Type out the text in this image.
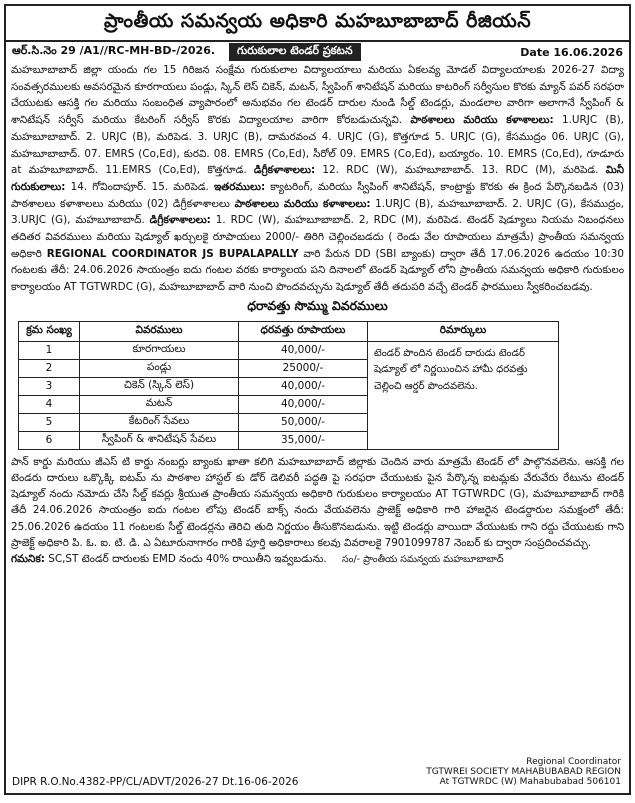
ప్రాంతీయ సమన్వయ అధికారి మహబూబాబాద్ రీజియన్
ఆర్.సి.నెం 29 /A1//RC-MH-BD-/2026.	గురుకులాల టెండర్ ప్రకటన	Date 16.06.2026
మహబూబాబాద్ జిల్లా యందు గల 15 గిరిజన సంక్షేమ గురుకులాల విద్యాలయాలు మరియు ఏకలవ్య మోడల్ విద్యాలయాలకు 2026-27 విద్యా సంవత్సరములకు అవసరమైన కూరగాయలు పండ్లు, స్కిన్ లెస్ చికెన్, మటన్, స్వీపింగ్ శానిటేషన్ మరియు కాటరింగ్ సర్వీసుల కొరకు మ్యాన్ పవర్ సరఫరా చేయుటకు ఆసక్తి గల మరియు సంబంధిత వ్యాపారంలో అనుభవం గల టెండర్ దారుల నుండి సీల్డ్ టెండర్లు, మండలాల వారిగా అలాగానే స్వీపింగ్ & శానిటేషన్ సర్వీస్ మరియు కేటరింగ్ సర్వీస్ కొరకు విద్యాలయాల వారిగా కోరబడుచున్నవి. పాఠశాలలు మరియు కళాశాలలు: 1.URJC (B), మహబూబాబాద్. 2. URJC (B), మరిపెడ. 3. URJC (B), దామరవంచ 4. URJC (G), కొత్తగూడ 5. URJC (G), కేసముద్రం 06. URJC (G), మహబూబాబాద్. 07. EMRS (Co,Ed), కురవి. 08. EMRS (Co,Ed), సీరోల్ 09. EMRS (Co,Ed), బయ్యారం. 10. EMRS (Co,Ed), గూడూరు at మహబూబాబాద్. 11.EMRS (Co,Ed), కొత్తగూడ. డిగ్రీకళాశాలలు: 12. RDC (W), మహబూబాబాద్. 13. RDC (M), మరిపెడ. మినీ గురుకులాలు: 14. గోవిందాపూర్. 15. మరిపెడ. ఇతరములు: క్యాటరింగ్, మరియు స్వీపింగ్ శానిటేషన్, కాంట్రాక్టు కొరకు ఈ క్రింద పేర్కొనబడిన (03) పాఠశాలలు కళాశాలలు మరియు (02) డిగ్రీకళాశాలలు పాఠశాలలు మరియు కళాశాలలు: 1.URJC (B), మహబూబాబాద్. 2. URJC (G), కేసముద్రం, 3.URJC (G), మహబూబాబాద్. డిగ్రీకళాశాలలు: 1. RDC (W), మహబూబాబాద్. 2, RDC (M), మరిపెడ. టెండర్ షెడ్యూలు నియమ నిబంధనలు తదితర వివరములు మరియు షెడ్యూల్ ఖర్చులకై రూపాయలు 2000/- తిరిగి చెల్లించబడదు ( రెండు వేల రూపాయలు మాత్రమే) ప్రాంతీయ సమన్వయ అధికారి REGIONAL COORDINATOR JS BUPALAPALLY వారి పేరున DD (SBI బ్యాంకు) ద్వారా తేదీ 17.06.2026 ఉదయం 10:30 గంటలకు తేదీ: 24.06.2026 సాయంత్రం ఐదు గంటల వరకు కార్యాలయ పని దినాలలో టెండర్ షెడ్యూల్ లోని ప్రాంతీయ సమన్వయ అధికారి గురుకులం కార్యాలయం AT TGTWRDC (G), మహబూబాబాద్ వారి నుంచి పొందవచ్చును షెడ్యూల్ తేదీ తదుపరి వచ్చే టెండర్ ఫారములు స్వీకరించబడవు.
ధరావత్తు సొమ్ము వివరములు
క్రమ సంఖ్య	వివరములు	ధరవత్తు రూపాయలు	రిమార్కులు
1	కూరగాయలు	40,000/-	టెండర్ పొందిన టెండర్ దారుడు టెండర్ షెడ్యూల్ లో నిర్ణయించిన హామీ ధరవత్తు చెల్లించి ఆర్డర్ పొందవలెను.
2	పండ్లు	25000/-	
3	చికెన్ (స్కిన్ లెస్)	40,000/-	
4	మటన్	40,000/-	
5	కేటరింగ్ సేవలు	50,000/-	
6	స్వీపింగ్ & శానిటేషన్ సేవలు	35,000/-	
పాన్ కార్డు మరియు జీఎస్ టి కార్డు నంబర్లు బ్యాంకు ఖాతా కలిగి మహబూబాబాద్ జిల్లాకు చెందిన వారు మాత్రమే టెండర్ లో పాల్గొనవలెను. ఆసక్తి గల టెండరు దారులు ఒక్కొక్కి ఐటమ్ ను పాఠశాల హాస్టల్ కు డోర్ డెలివరీ పద్ధతి పై సరఫరా చేయుటకు పైన పేర్కొన్న ఐటమ్లకు వేరువేరు రేటును టెండర్ షెడ్యూల్ నందు నమోదు చేసి సీల్డ్ కవర్లు శ్రీయుత ప్రాంతీయ సమన్వయ అధికారి గురుకులం కార్యాలయం AT TGTWRDC (G), మహబూబాబాద్ గారికి తేదీ 24.06.2026 సాయంత్రం ఐదు గంటల లోపు టెండర్ బాక్స్ నందు వేయవలెను ప్రాజెక్ట్ అధికారి గారి హాజరైన టెండర్దారుల సమక్షంలో తేదీ: 25.06.2026 ఉదయం 11 గంటలకు సీల్డ్ టెండర్లను తెరిచి తుది నిర్ణయం తీసుకొనబడును. ఇట్టి టెండర్లు వాయిదా వేయుటకు గాని రద్దు చేయుటకు గాని ప్రాజెక్ట్ అధికారి పి. ఓ. ఐ. టి. డి. ఎ ఏటూరునాగారం గారికి పూర్తి అధికారాలు కలవు వివరాలకై 7901099787 నెంబర్ కు ద్వారా సంప్రదించవచ్చు.
గమనిక: SC,ST టెండర్ దారులకు EMD నందు 40% రాయితీని ఇవ్వబడును. సం/- ప్రాంతీయ సమన్వయ మహబూబాబాద్
DIPR R.O.No.4382-PP/CL/ADVT/2026-27 Dt.16-06-2026
Regional Coordinator
TGTWREI SOCIETY MAHABUBABAD REGION
At TGTWRDC (W) Mahabubabad 506101
